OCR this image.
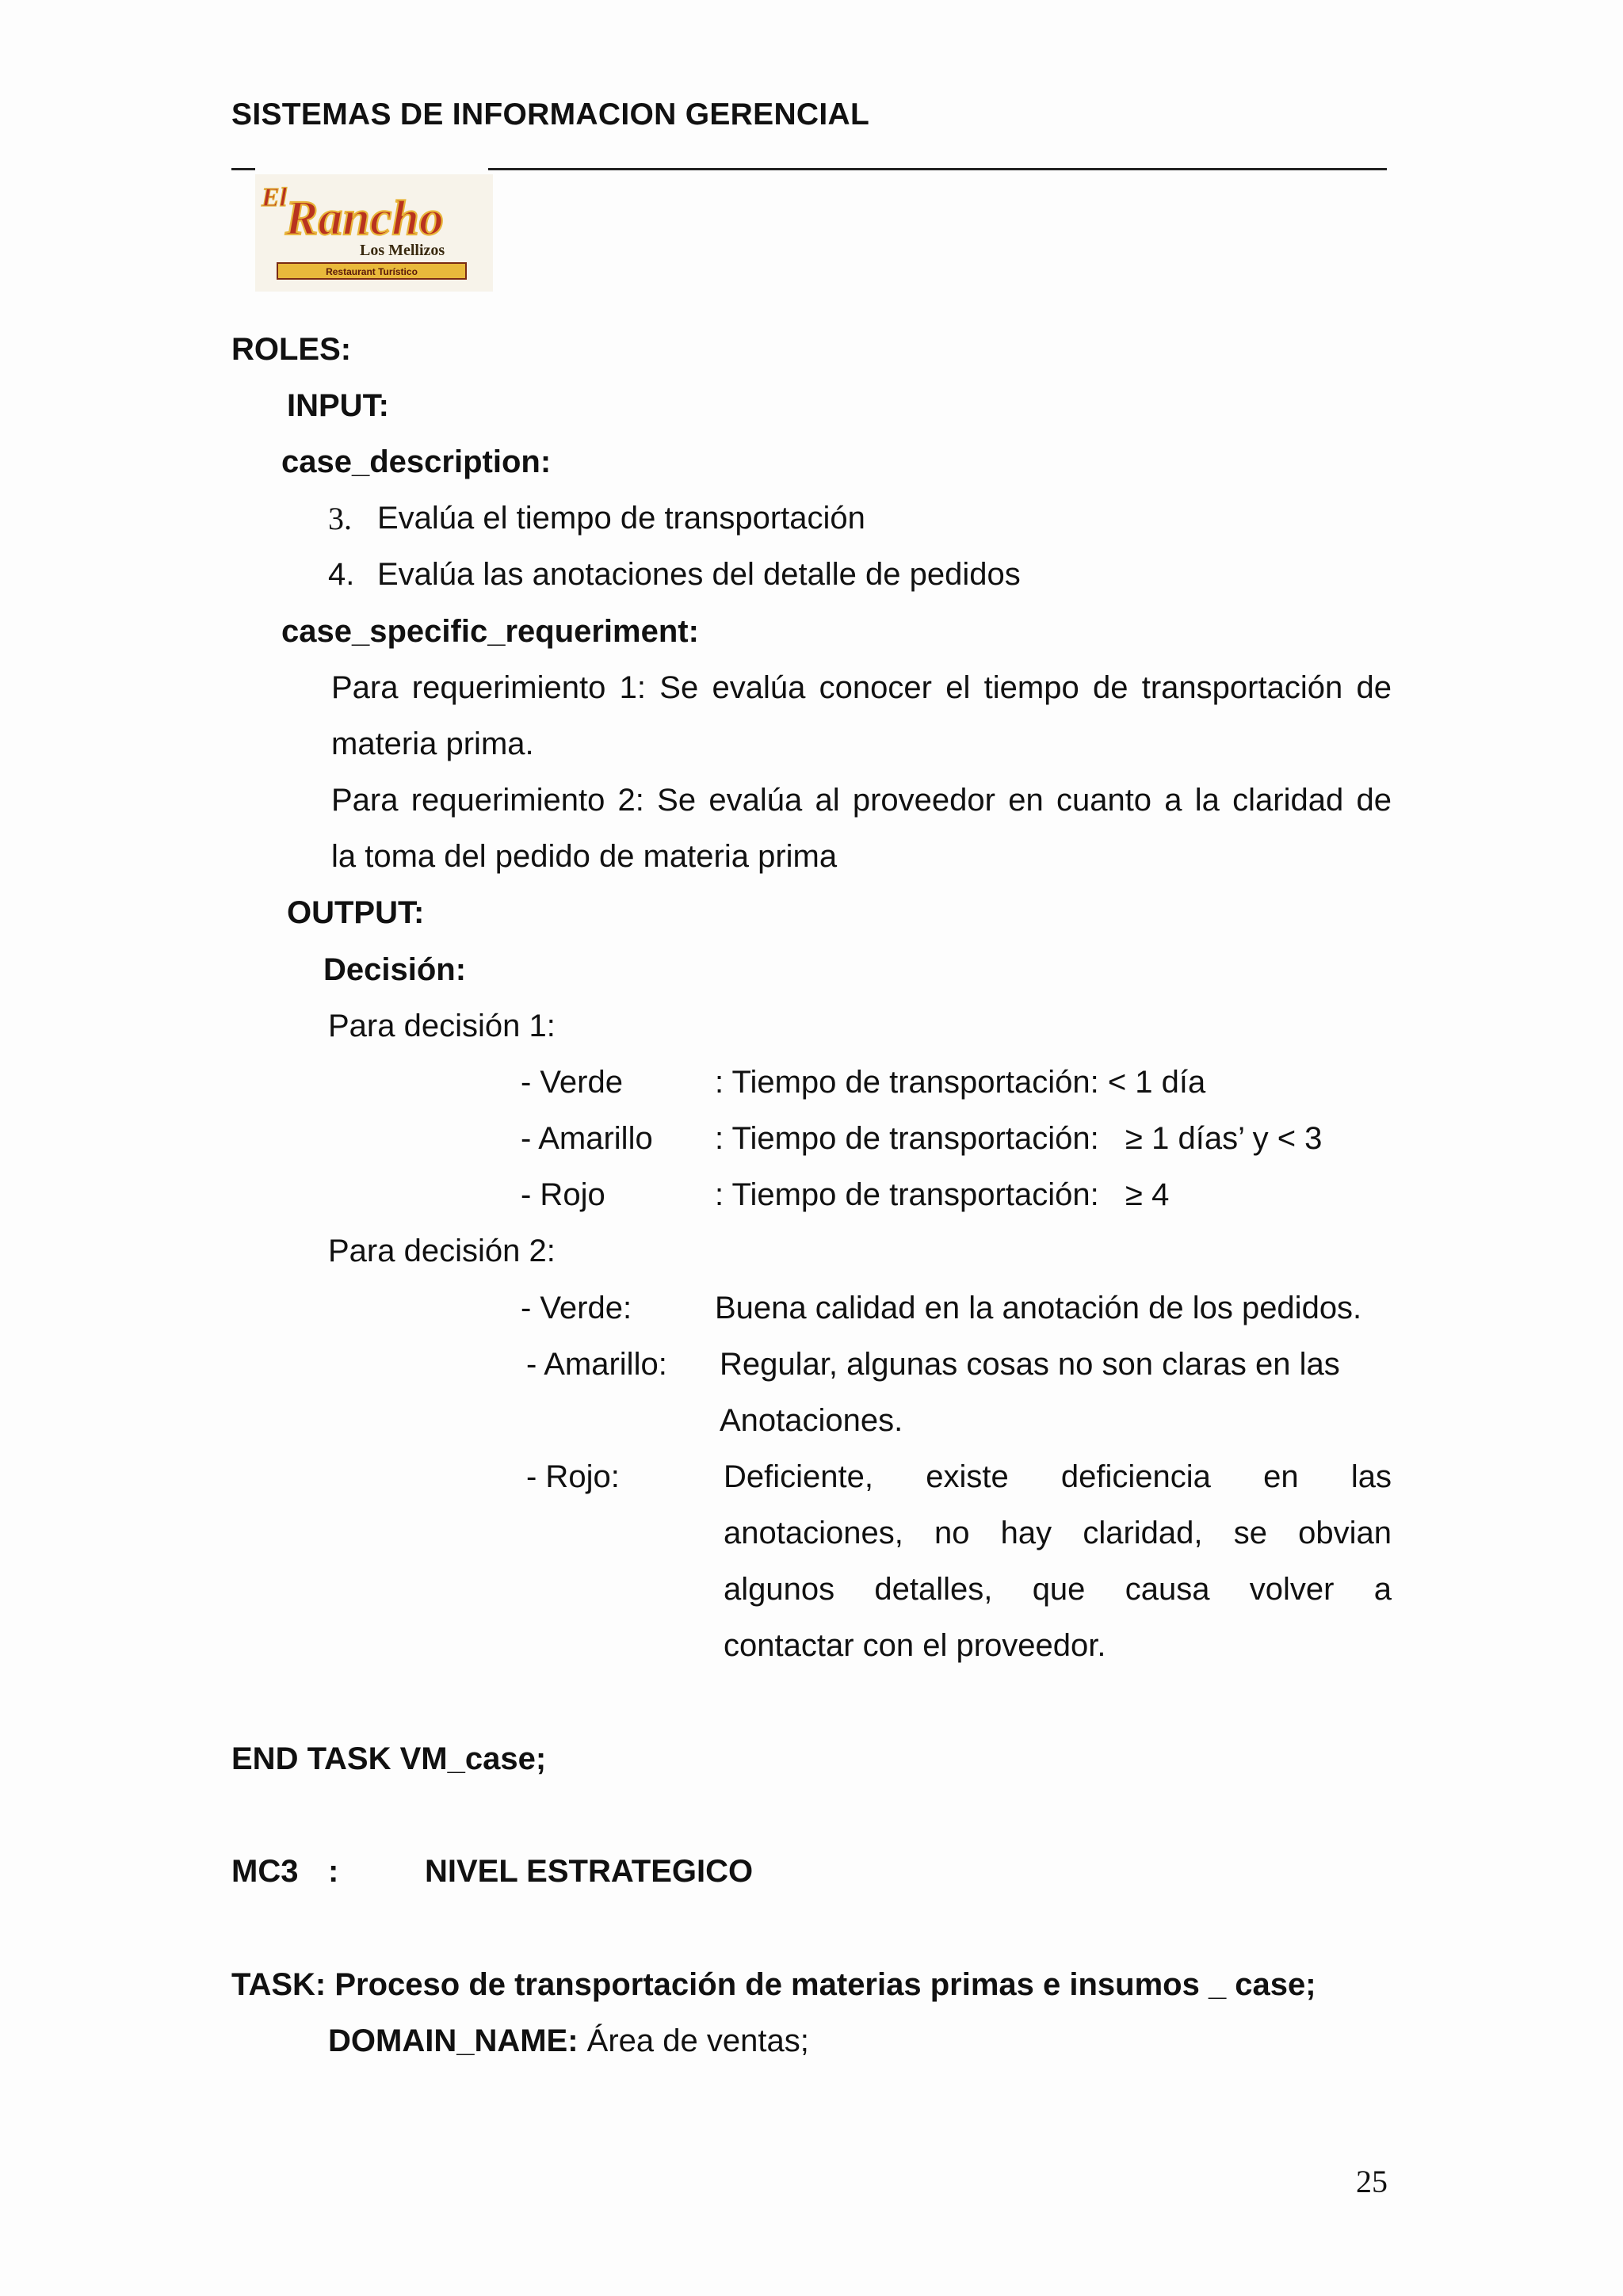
SISTEMAS DE INFORMACION GERENCIAL
El
Rancho
Los Mellizos
Restaurant Turístico
ROLES:
INPUT:
case_description:
3. Evalúa el tiempo de transportación
4. Evalúa las anotaciones del detalle de pedidos
case_specific_requeriment:
Para requerimiento 1: Se evalúa conocer el tiempo de transportación de
materia prima.
Para requerimiento 2: Se evalúa al proveedor en cuanto a la claridad de
la toma del pedido de materia prima
OUTPUT:
Decisión:
Para decisión 1:
- Verde	: Tiempo de transportación: < 1 día
- Amarillo : Tiempo de transportación:   ≥ 1 días’ y < 3
- Rojo	: Tiempo de transportación:   ≥ 4
Para decisión 2:
- Verde:	Buena calidad en la anotación de los pedidos.
- Amarillo: Regular, algunas cosas no son claras en las
Anotaciones.
- Rojo:	Deficiente, existe deficiencia en las
anotaciones, no hay claridad, se obvian
algunos detalles, que causa volver a
contactar con el proveedor.
END TASK VM_case;
MC3 :	NIVEL ESTRATEGICO
TASK: Proceso de transportación de materias primas e insumos _ case;
DOMAIN_NAME: Área de ventas;
25
